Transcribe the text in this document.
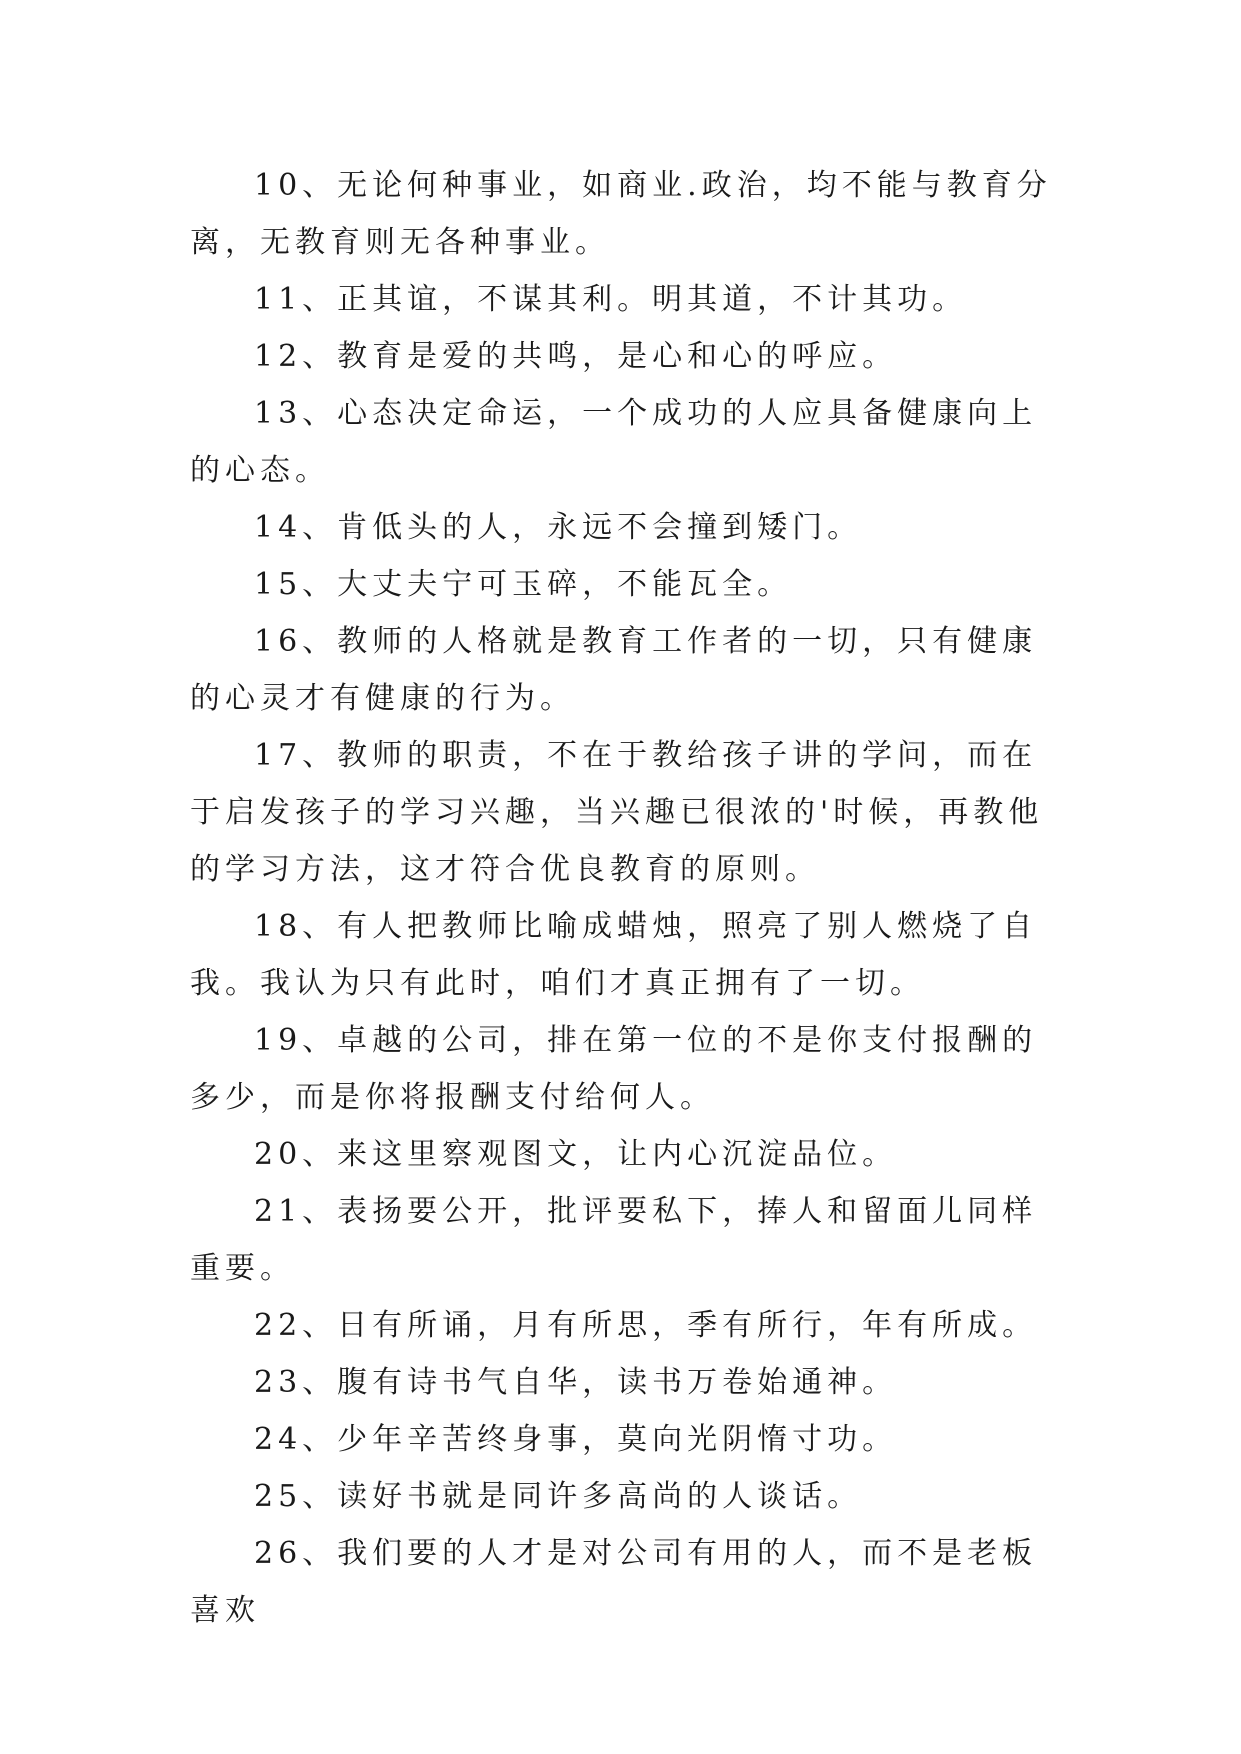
10、无论何种事业，如商业.政治，均不能与教育分离，无教育则无各种事业。

11、正其谊，不谋其利。明其道，不计其功。

12、教育是爱的共鸣，是心和心的呼应。

13、心态决定命运，一个成功的人应具备健康向上的心态。

14、肯低头的人，永远不会撞到矮门。

15、大丈夫宁可玉碎，不能瓦全。

16、教师的人格就是教育工作者的一切，只有健康的心灵才有健康的行为。

17、教师的职责，不在于教给孩子讲的学问，而在于启发孩子的学习兴趣，当兴趣已很浓的'时候，再教他的学习方法，这才符合优良教育的原则。

18、有人把教师比喻成蜡烛，照亮了别人燃烧了自我。我认为只有此时，咱们才真正拥有了一切。

19、卓越的公司，排在第一位的不是你支付报酬的多少，而是你将报酬支付给何人。

20、来这里察观图文，让内心沉淀品位。

21、表扬要公开，批评要私下，捧人和留面儿同样重要。

22、日有所诵，月有所思，季有所行，年有所成。

23、腹有诗书气自华，读书万卷始通神。

24、少年辛苦终身事，莫向光阴惰寸功。

25、读好书就是同许多高尚的人谈话。

26、我们要的人才是对公司有用的人，而不是老板喜欢
